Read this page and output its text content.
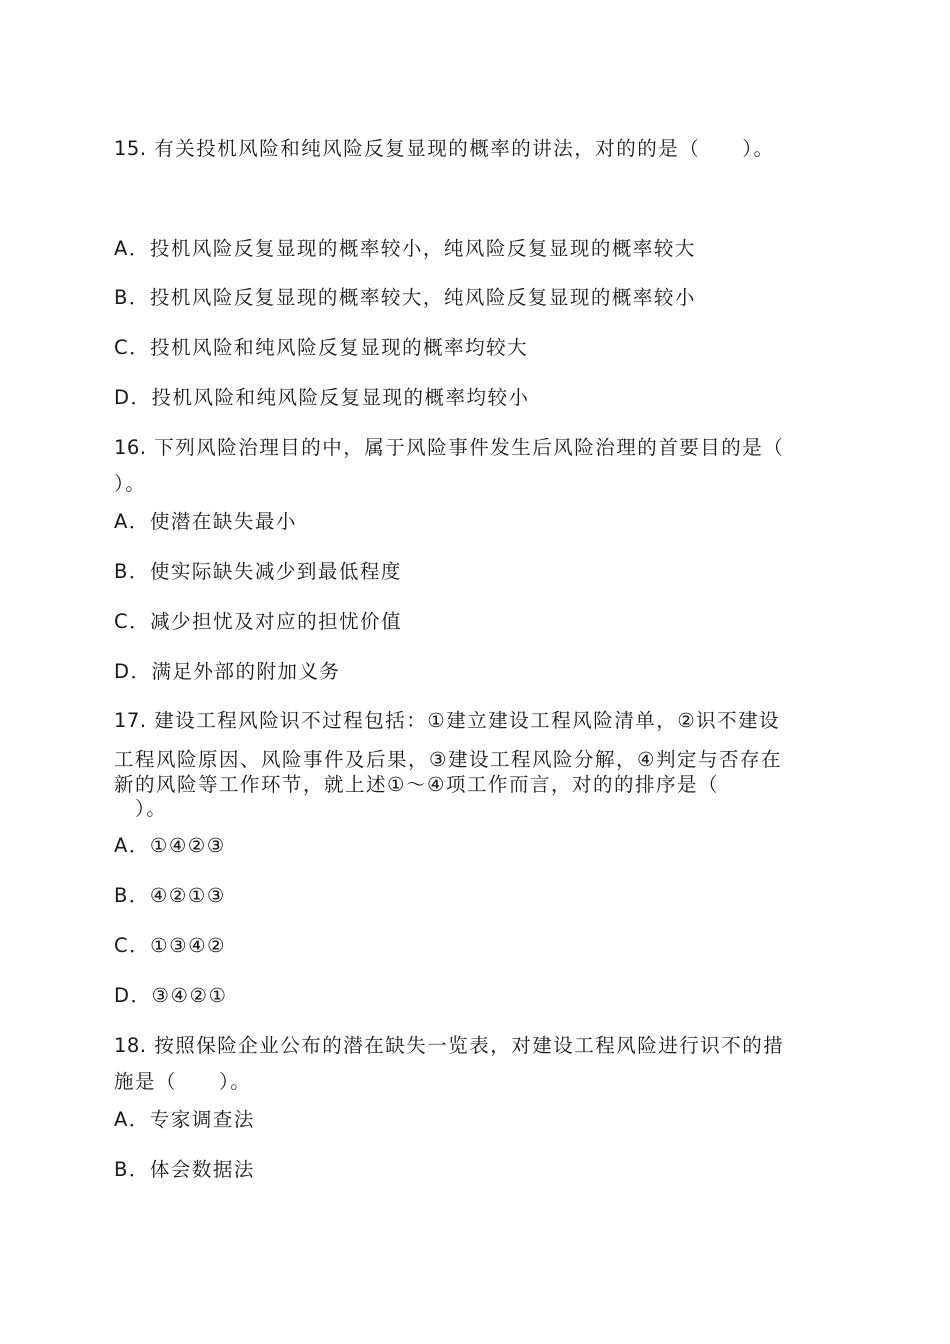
15. 有关投机风险和纯风险反复显现的概率的讲法，对的的是（　　）。
A．投机风险反复显现的概率较小，纯风险反复显现的概率较大
B．投机风险反复显现的概率较大，纯风险反复显现的概率较小
C．投机风险和纯风险反复显现的概率均较大
D．投机风险和纯风险反复显现的概率均较小
16. 下列风险治理目的中，属于风险事件发生后风险治理的首要目的是（
）。
A．使潜在缺失最小
B．使实际缺失减少到最低程度
C．减少担忧及对应的担忧价值
D．满足外部的附加义务
17. 建设工程风险识不过程包括：①建立建设工程风险清单，②识不建设
工程风险原因、风险事件及后果，③建设工程风险分解，④判定与否存在
新的风险等工作环节，就上述①～④项工作而言，对的的排序是（
　）。
A．①④②③
B．④②①③
C．①③④②
D．③④②①
18. 按照保险企业公布的潜在缺失一览表，对建设工程风险进行识不的措
施是（　　）。
A．专家调查法
B．体会数据法
